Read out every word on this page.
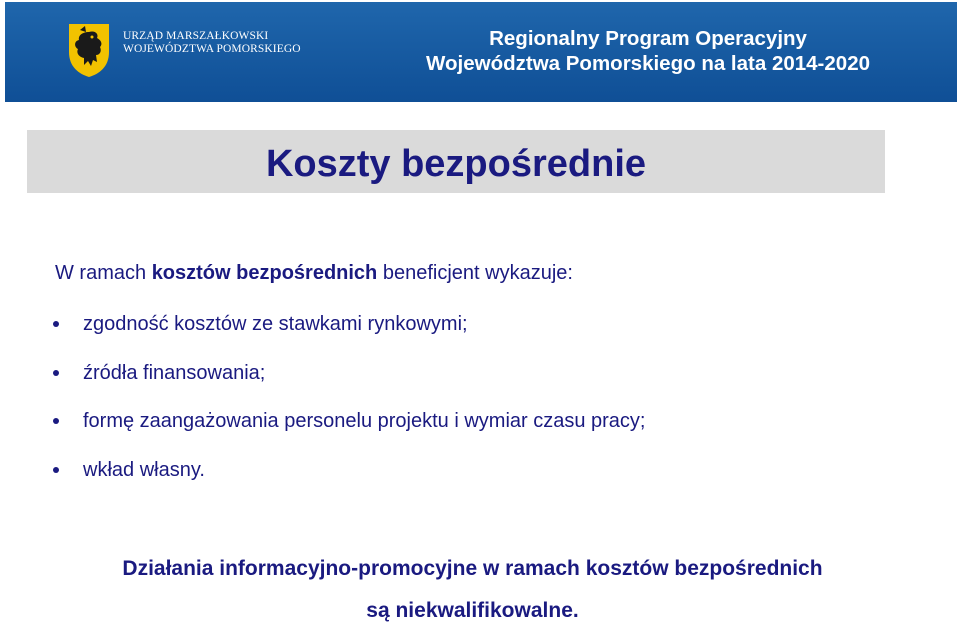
URZĄD MARSZAŁKOWSKI
WOJEWÓDZTWA POMORSKIEGO	Regionalny Program Operacyjny
Województwa Pomorskiego na lata 2014-2020
Koszty bezpośrednie
W ramach kosztów bezpośrednich beneficjent wykazuje:
zgodność kosztów ze stawkami rynkowymi;
źródła finansowania;
formę zaangażowania personelu projektu i wymiar czasu pracy;
wkład własny.
Działania informacyjno-promocyjne w ramach kosztów bezpośrednich
są niekwalifikowalne.
